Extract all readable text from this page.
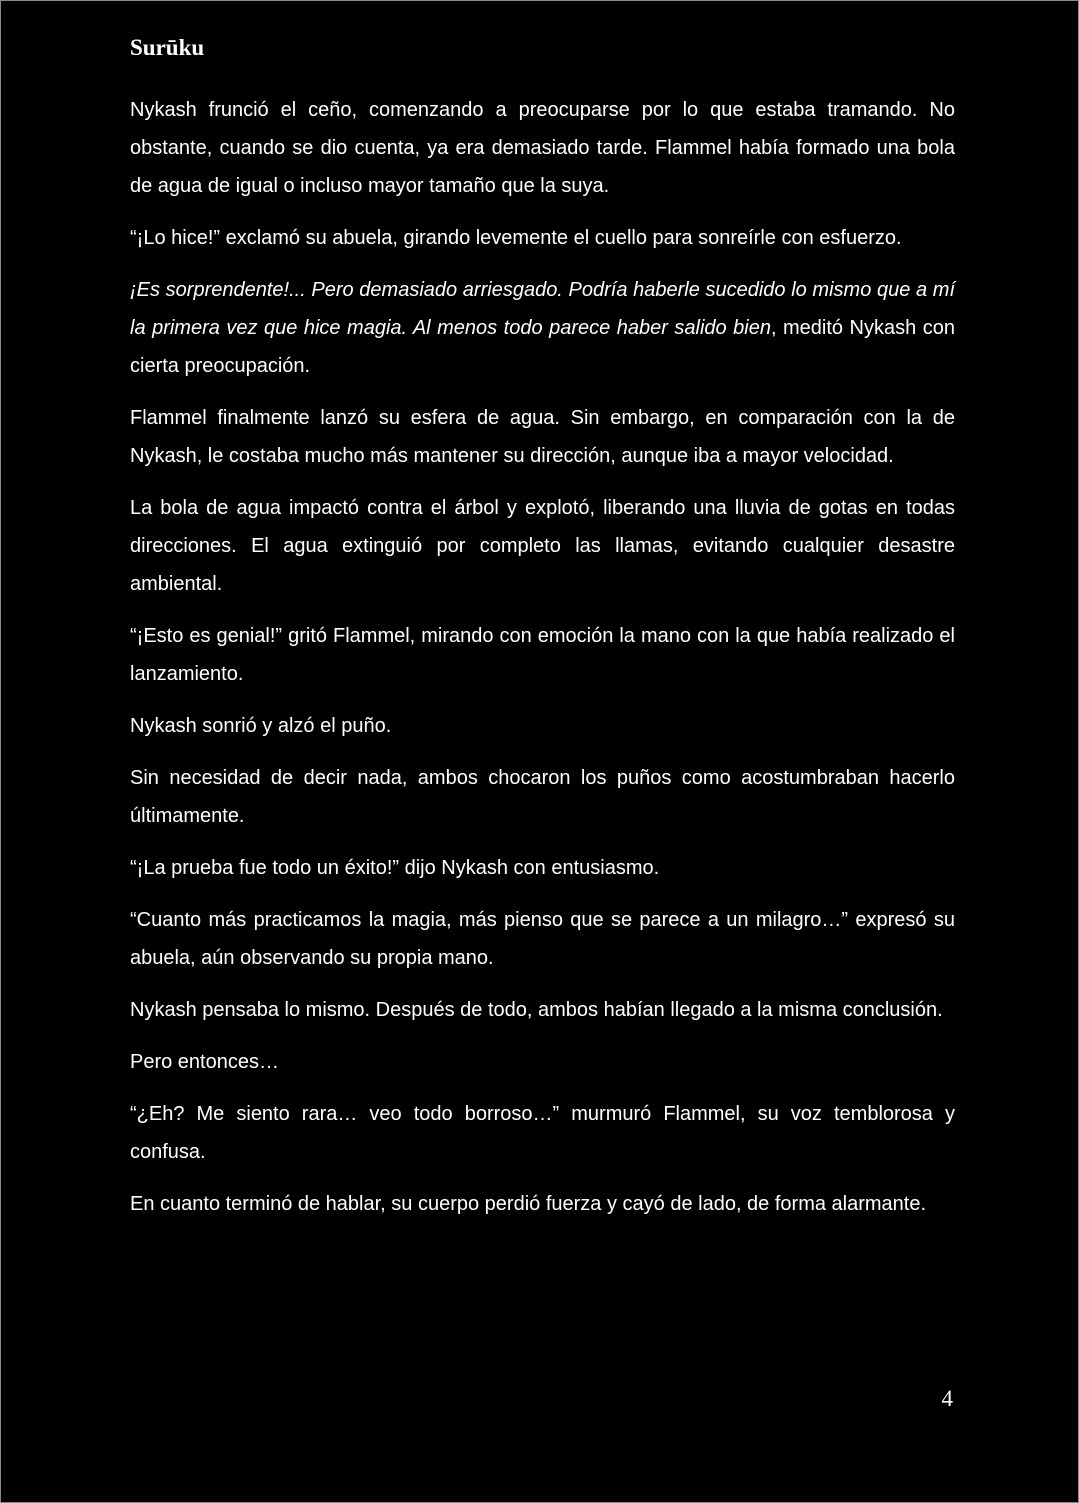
Surūku

Nykash frunció el ceño, comenzando a preocuparse por lo que estaba tramando. No obstante, cuando se dio cuenta, ya era demasiado tarde. Flammel había formado una bola de agua de igual o incluso mayor tamaño que la suya.

“¡Lo hice!” exclamó su abuela, girando levemente el cuello para sonreírle con esfuerzo.

¡Es sorprendente!... Pero demasiado arriesgado. Podría haberle sucedido lo mismo que a mí la primera vez que hice magia. Al menos todo parece haber salido bien, meditó Nykash con cierta preocupación.

Flammel finalmente lanzó su esfera de agua. Sin embargo, en comparación con la de Nykash, le costaba mucho más mantener su dirección, aunque iba a mayor velocidad.

La bola de agua impactó contra el árbol y explotó, liberando una lluvia de gotas en todas direcciones. El agua extinguió por completo las llamas, evitando cualquier desastre ambiental.

“¡Esto es genial!” gritó Flammel, mirando con emoción la mano con la que había realizado el lanzamiento.

Nykash sonrió y alzó el puño.

Sin necesidad de decir nada, ambos chocaron los puños como acostumbraban hacerlo últimamente.

“¡La prueba fue todo un éxito!” dijo Nykash con entusiasmo.

“Cuanto más practicamos la magia, más pienso que se parece a un milagro…” expresó su abuela, aún observando su propia mano.

Nykash pensaba lo mismo. Después de todo, ambos habían llegado a la misma conclusión.

Pero entonces…

“¿Eh? Me siento rara… veo todo borroso…” murmuró Flammel, su voz temblorosa y confusa.

En cuanto terminó de hablar, su cuerpo perdió fuerza y cayó de lado, de forma alarmante.

4
